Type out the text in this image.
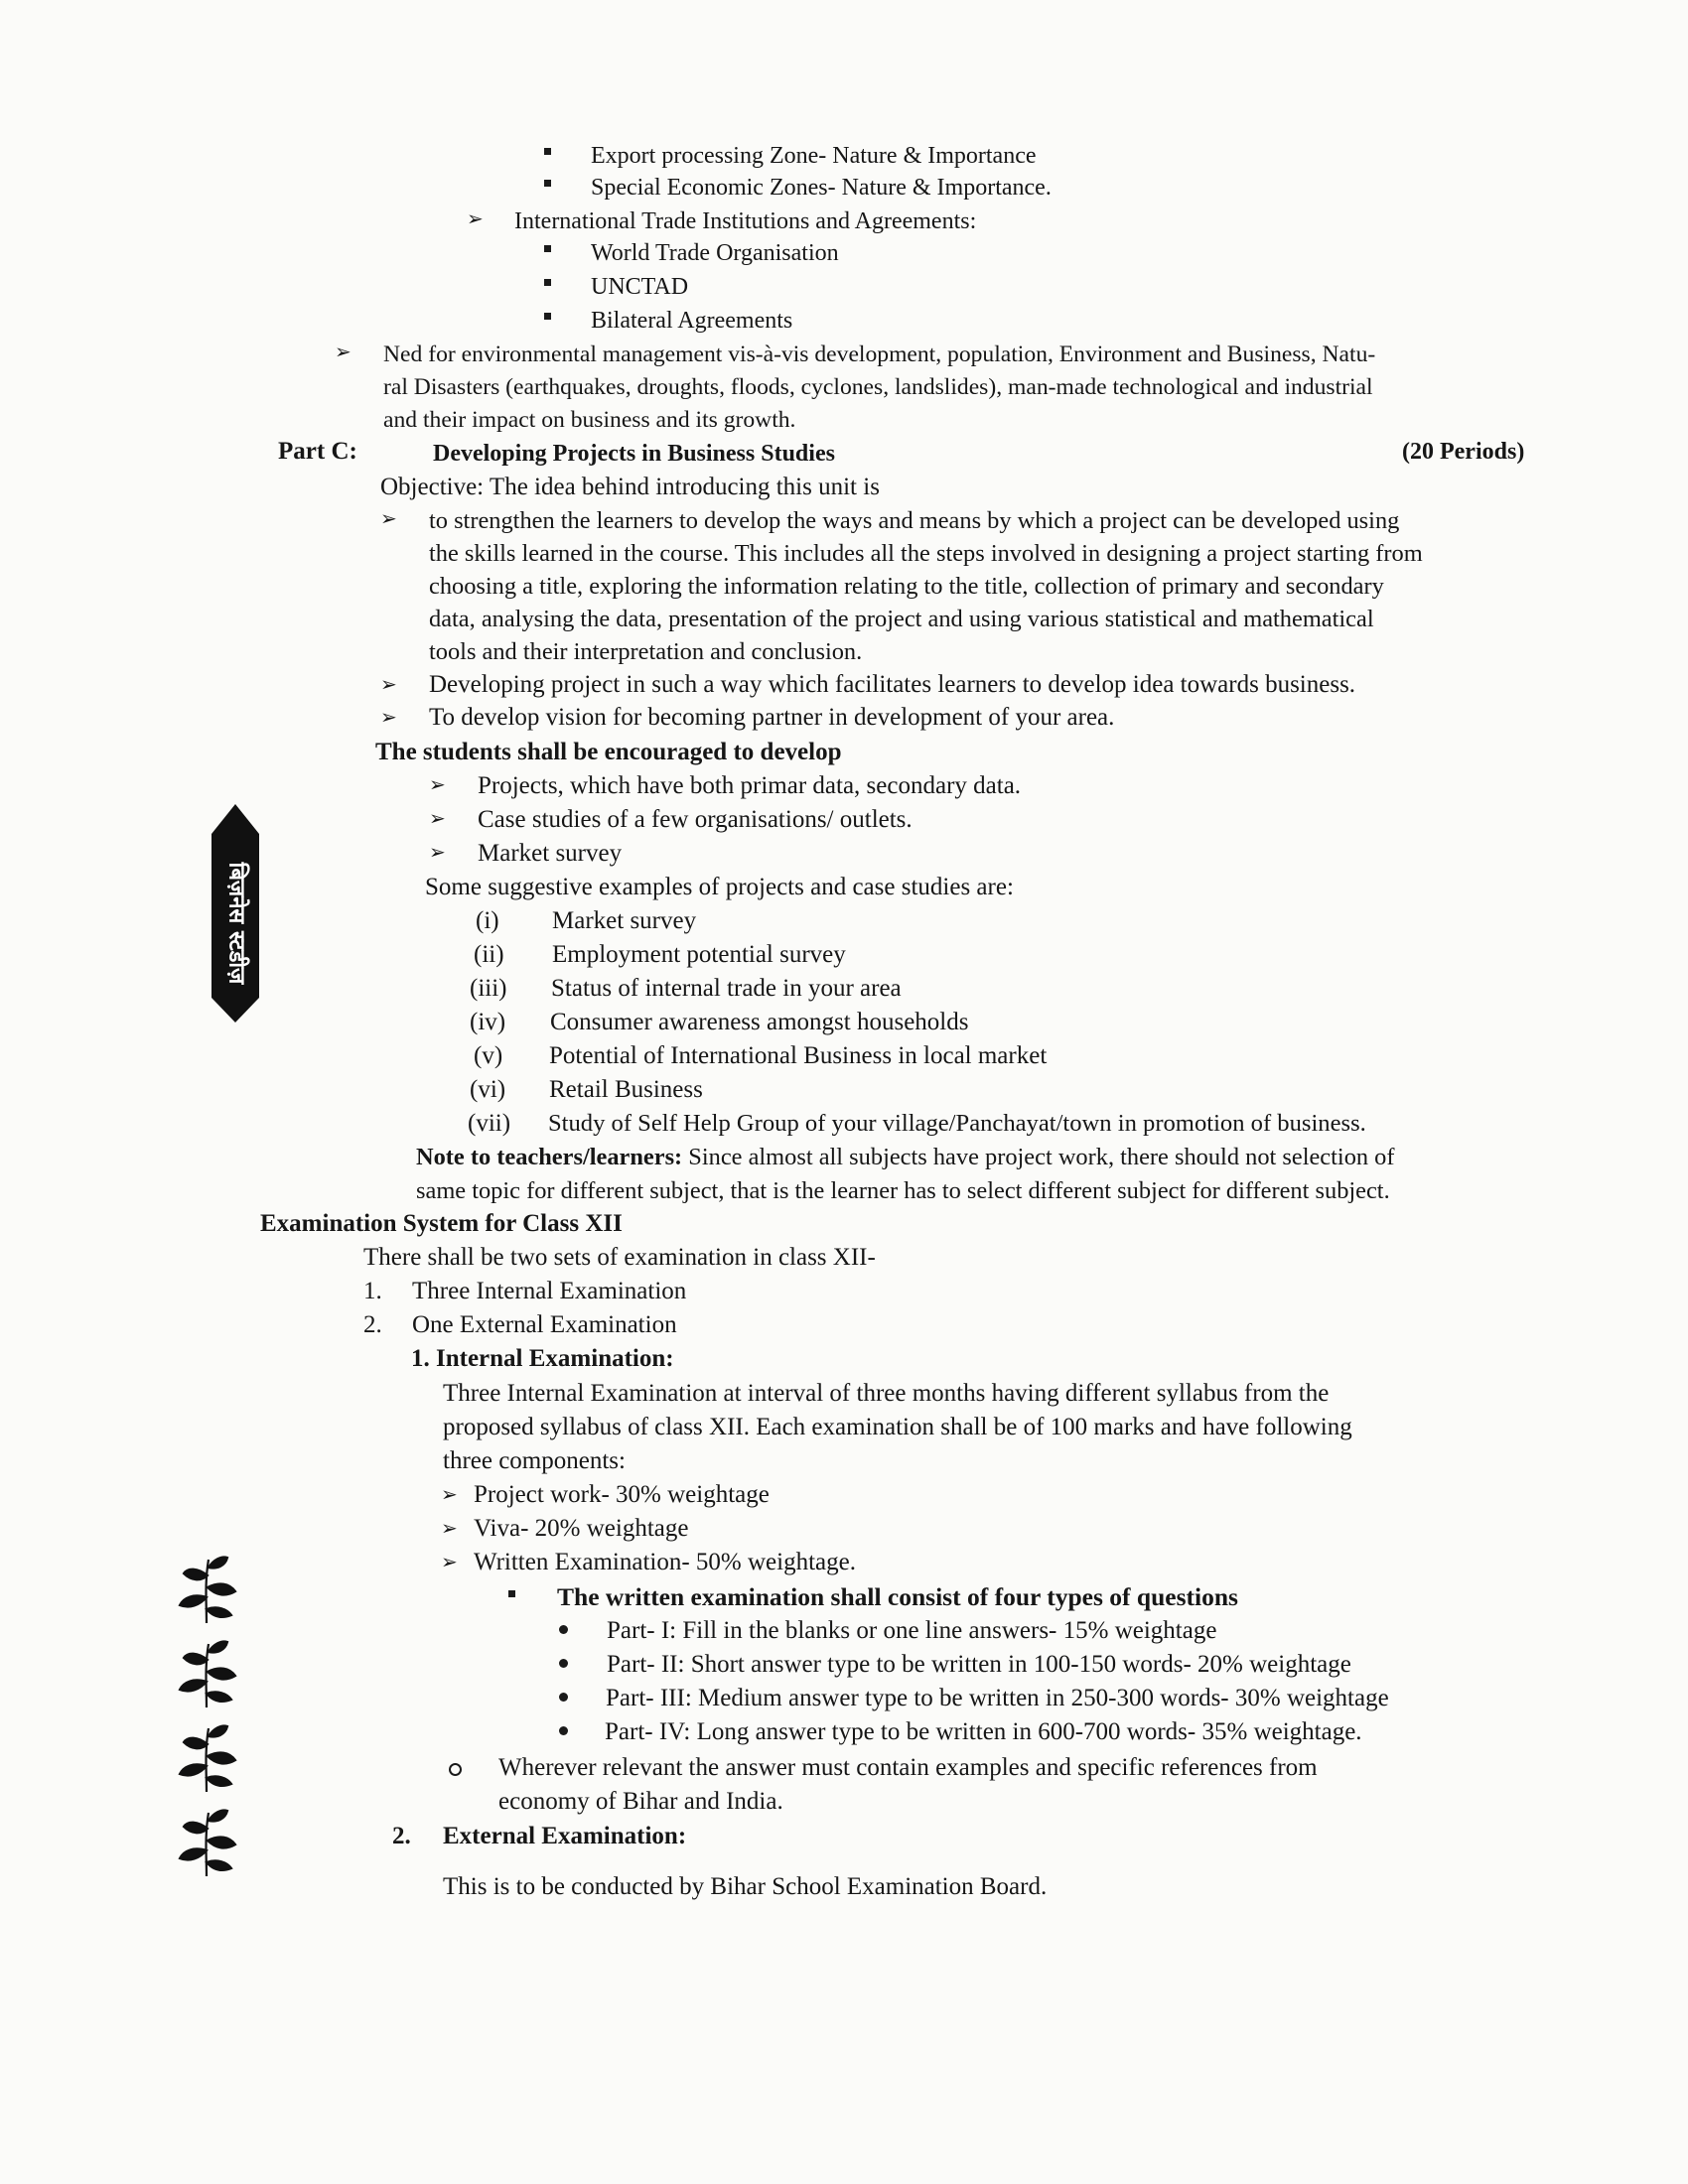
Export processing Zone- Nature & Importance
Special Economic Zones- Nature & Importance.
➢ International Trade Institutions and Agreements:
World Trade Organisation
UNCTAD
Bilateral Agreements
➢ Ned for environmental management vis-à-vis development, population, Environment and Business, Natu-
ral Disasters (earthquakes, droughts, floods, cyclones, landslides), man-made technological and industrial
and their impact on business and its growth.
Part C:	Developing Projects in Business Studies	(20 Periods)
Objective: The idea behind introducing this unit is
➢ to strengthen the learners to develop the ways and means by which a project can be developed using
the skills learned in the course. This includes all the steps involved in designing a project starting from
choosing a title, exploring the information relating to the title, collection of primary and secondary
data, analysing the data, presentation of the project and using various statistical and mathematical
tools and their interpretation and conclusion.
➢ Developing project in such a way which facilitates learners to develop idea towards business.
➢ To develop vision for becoming partner in development of your area.
The students shall be encouraged to develop
➢ Projects, which have both primar data, secondary data.
➢ Case studies of a few organisations/ outlets.
➢ Market survey
Some suggestive examples of projects and case studies are:
(i) Market survey
(ii) Employment potential survey
(iii) Status of internal trade in your area
(iv) Consumer awareness amongst households
(v) Potential of International Business in local market
(vi) Retail Business
(vii) Study of Self Help Group of your village/Panchayat/town in promotion of business.
Note to teachers/learners: Since almost all subjects have project work, there should not selection of
same topic for different subject, that is the learner has to select different subject for different subject.
Examination System for Class XII
There shall be two sets of examination in class XII-
1. Three Internal Examination
2. One External Examination
1. Internal Examination:
Three Internal Examination at interval of three months having different syllabus from the
proposed syllabus of class XII. Each examination shall be of 100 marks and have following
three components:
➢ Project work- 30% weightage
➢ Viva- 20% weightage
➢ Written Examination- 50% weightage.
The written examination shall consist of four types of questions
Part- I: Fill in the blanks or one line answers- 15% weightage
Part- II: Short answer type to be written in 100-150 words- 20% weightage
Part- III: Medium answer type to be written in 250-300 words- 30% weightage
Part- IV: Long answer type to be written in 600-700 words- 35% weightage.
Wherever relevant the answer must contain examples and specific references from
economy of Bihar and India.
2. External Examination:
This is to be conducted by Bihar School Examination Board.
बिज़नेस स्टडीज़
